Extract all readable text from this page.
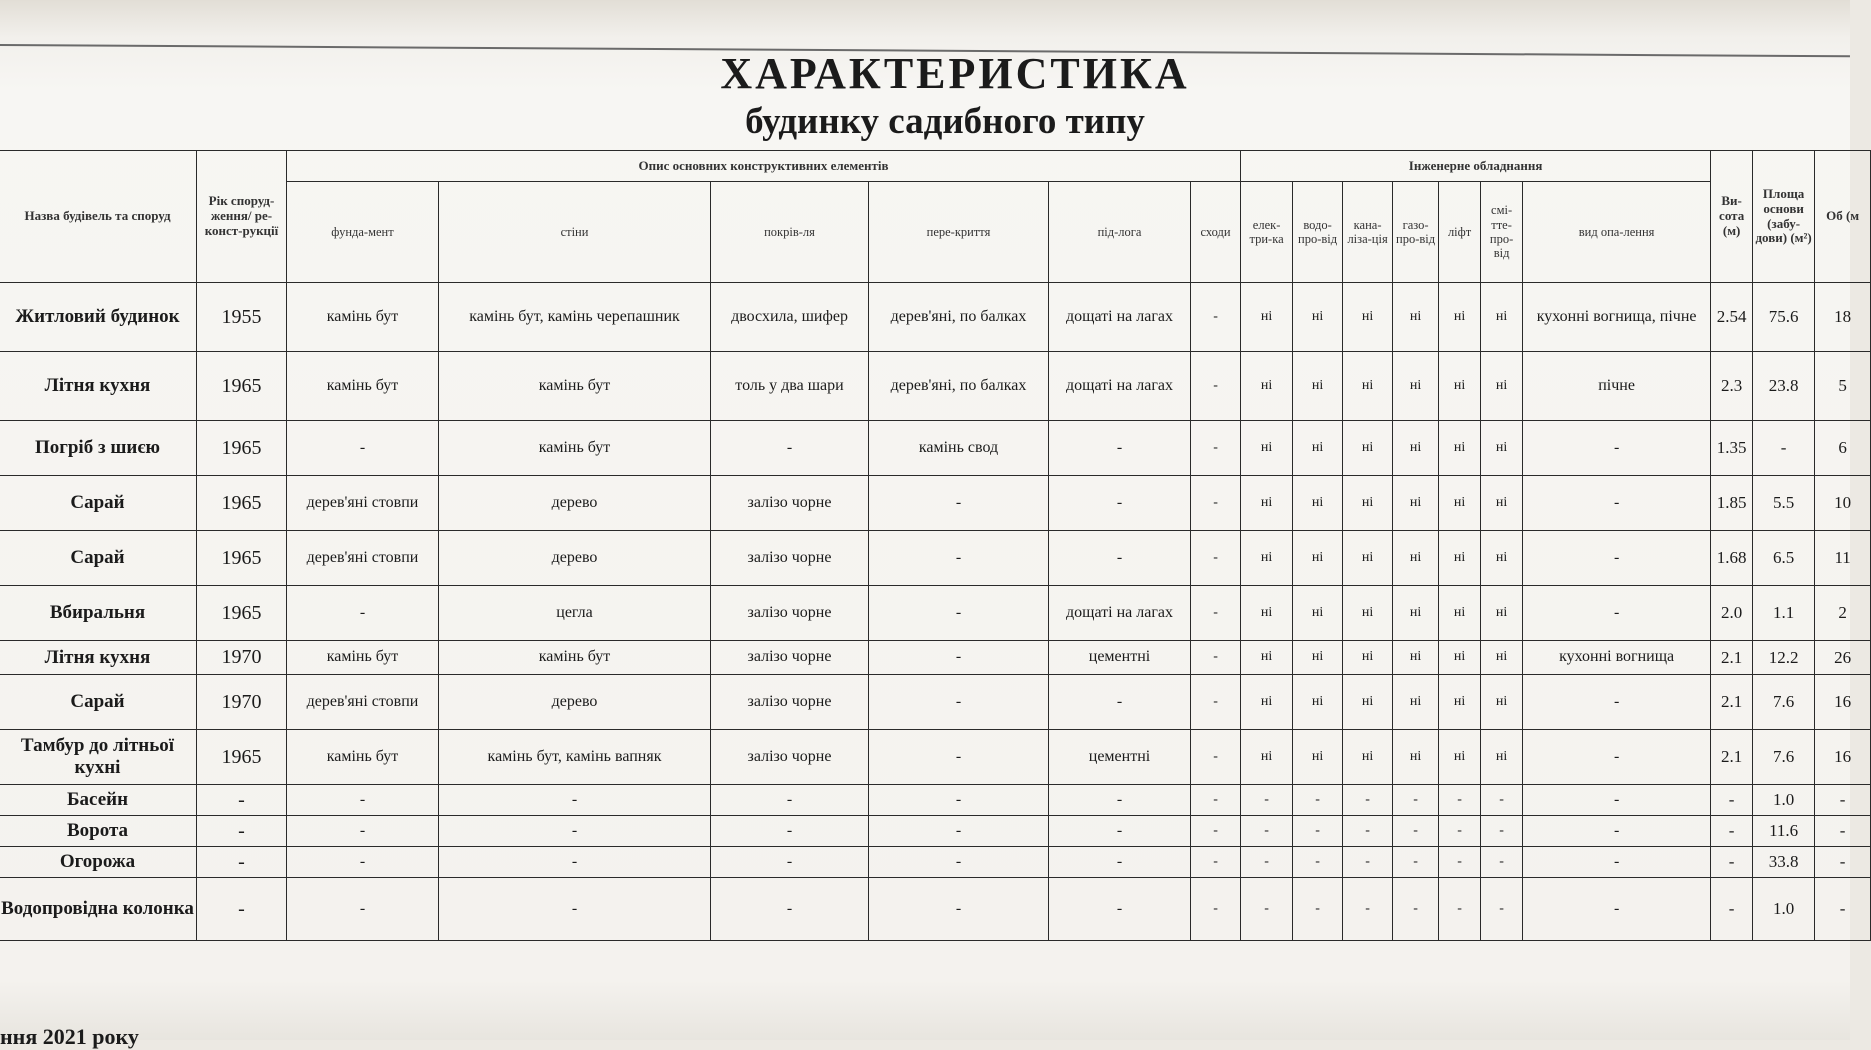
ХАРАКТЕРИСТИКА
будинку садибного типу
Назва будівель та споруд	Рік споруд-ження/ ре-конст-рукції	Опис основних конструктивних елементів						Інженерне обладнання							Ви-сота (м)	Площа основи (забу-дови) (м²)	Об (м
		фунда-мент	стіни	покрів-ля	пере-криття	під-лога	сходи	елек-три-ка	водо-про-від	кана-ліза-ція	газо-про-від	ліфт	смі-тте-про-від	вид опа-лення			
Житловий будинок	1955	камінь бут	камінь бут, камінь черепашник	двосхила, шифер	дерев'яні, по балках	дощаті на лагах	-	ні	ні	ні	ні	ні	ні	кухонні вогнища, пічне	2.54	75.6	18
Літня кухня	1965	камінь бут	камінь бут	толь у два шари	дерев'яні, по балках	дощаті на лагах	-	ні	ні	ні	ні	ні	ні	пічне	2.3	23.8	5
Погріб з шиєю	1965	-	камінь бут	-	камінь свод	-	-	ні	ні	ні	ні	ні	ні	-	1.35	-	6
Сарай	1965	дерев'яні стовпи	дерево	залізо чорне	-	-	-	ні	ні	ні	ні	ні	ні	-	1.85	5.5	10
Сарай	1965	дерев'яні стовпи	дерево	залізо чорне	-	-	-	ні	ні	ні	ні	ні	ні	-	1.68	6.5	11
Вбиральня	1965	-	цегла	залізо чорне	-	дощаті на лагах	-	ні	ні	ні	ні	ні	ні	-	2.0	1.1	2
Літня кухня	1970	камінь бут	камінь бут	залізо чорне	-	цементні	-	ні	ні	ні	ні	ні	ні	кухонні вогнища	2.1	12.2	26
Сарай	1970	дерев'яні стовпи	дерево	залізо чорне	-	-	-	ні	ні	ні	ні	ні	ні	-	2.1	7.6	16
Тамбур до літньої кухні	1965	камінь бут	камінь бут, камінь вапняк	залізо чорне	-	цементні	-	ні	ні	ні	ні	ні	ні	-	2.1	7.6	16
Басейн	-	-	-	-	-	-	-	-	-	-	-	-	-	-	-	1.0	-
Ворота	-	-	-	-	-	-	-	-	-	-	-	-	-	-	-	11.6	-
Огорожа	-	-	-	-	-	-	-	-	-	-	-	-	-	-	-	33.8	-
Водопровідна колонка	-	-	-	-	-	-	-	-	-	-	-	-	-	-	-	1.0	-
ння 2021 року
